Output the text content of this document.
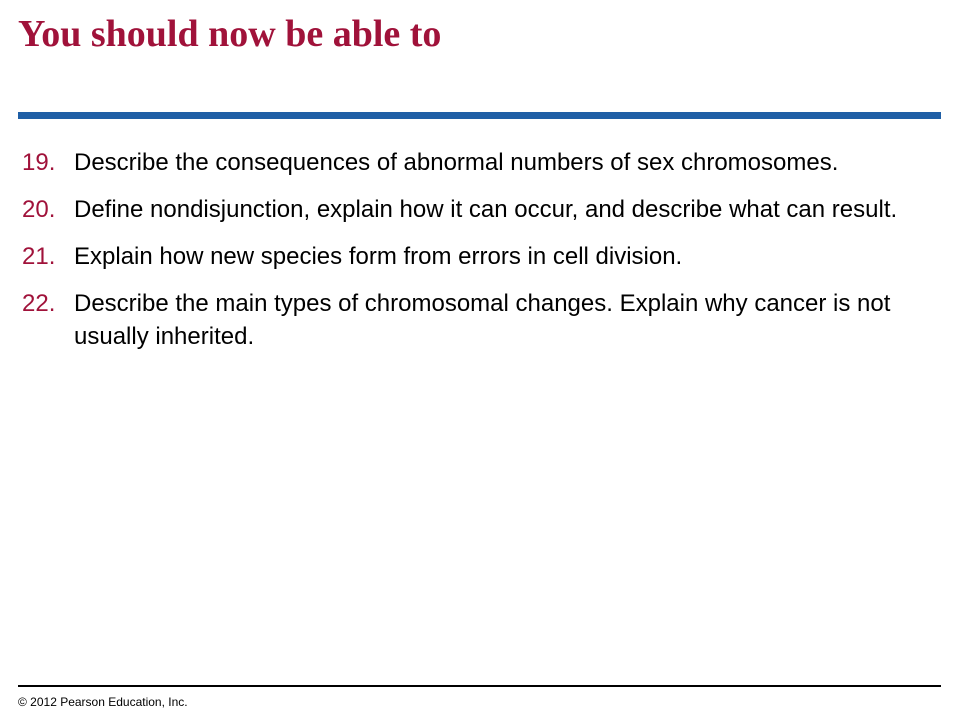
You should now be able to
19. Describe the consequences of abnormal numbers of sex chromosomes.
20. Define nondisjunction, explain how it can occur, and describe what can result.
21. Explain how new species form from errors in cell division.
22. Describe the main types of chromosomal changes. Explain why cancer is not usually inherited.
© 2012 Pearson Education, Inc.
